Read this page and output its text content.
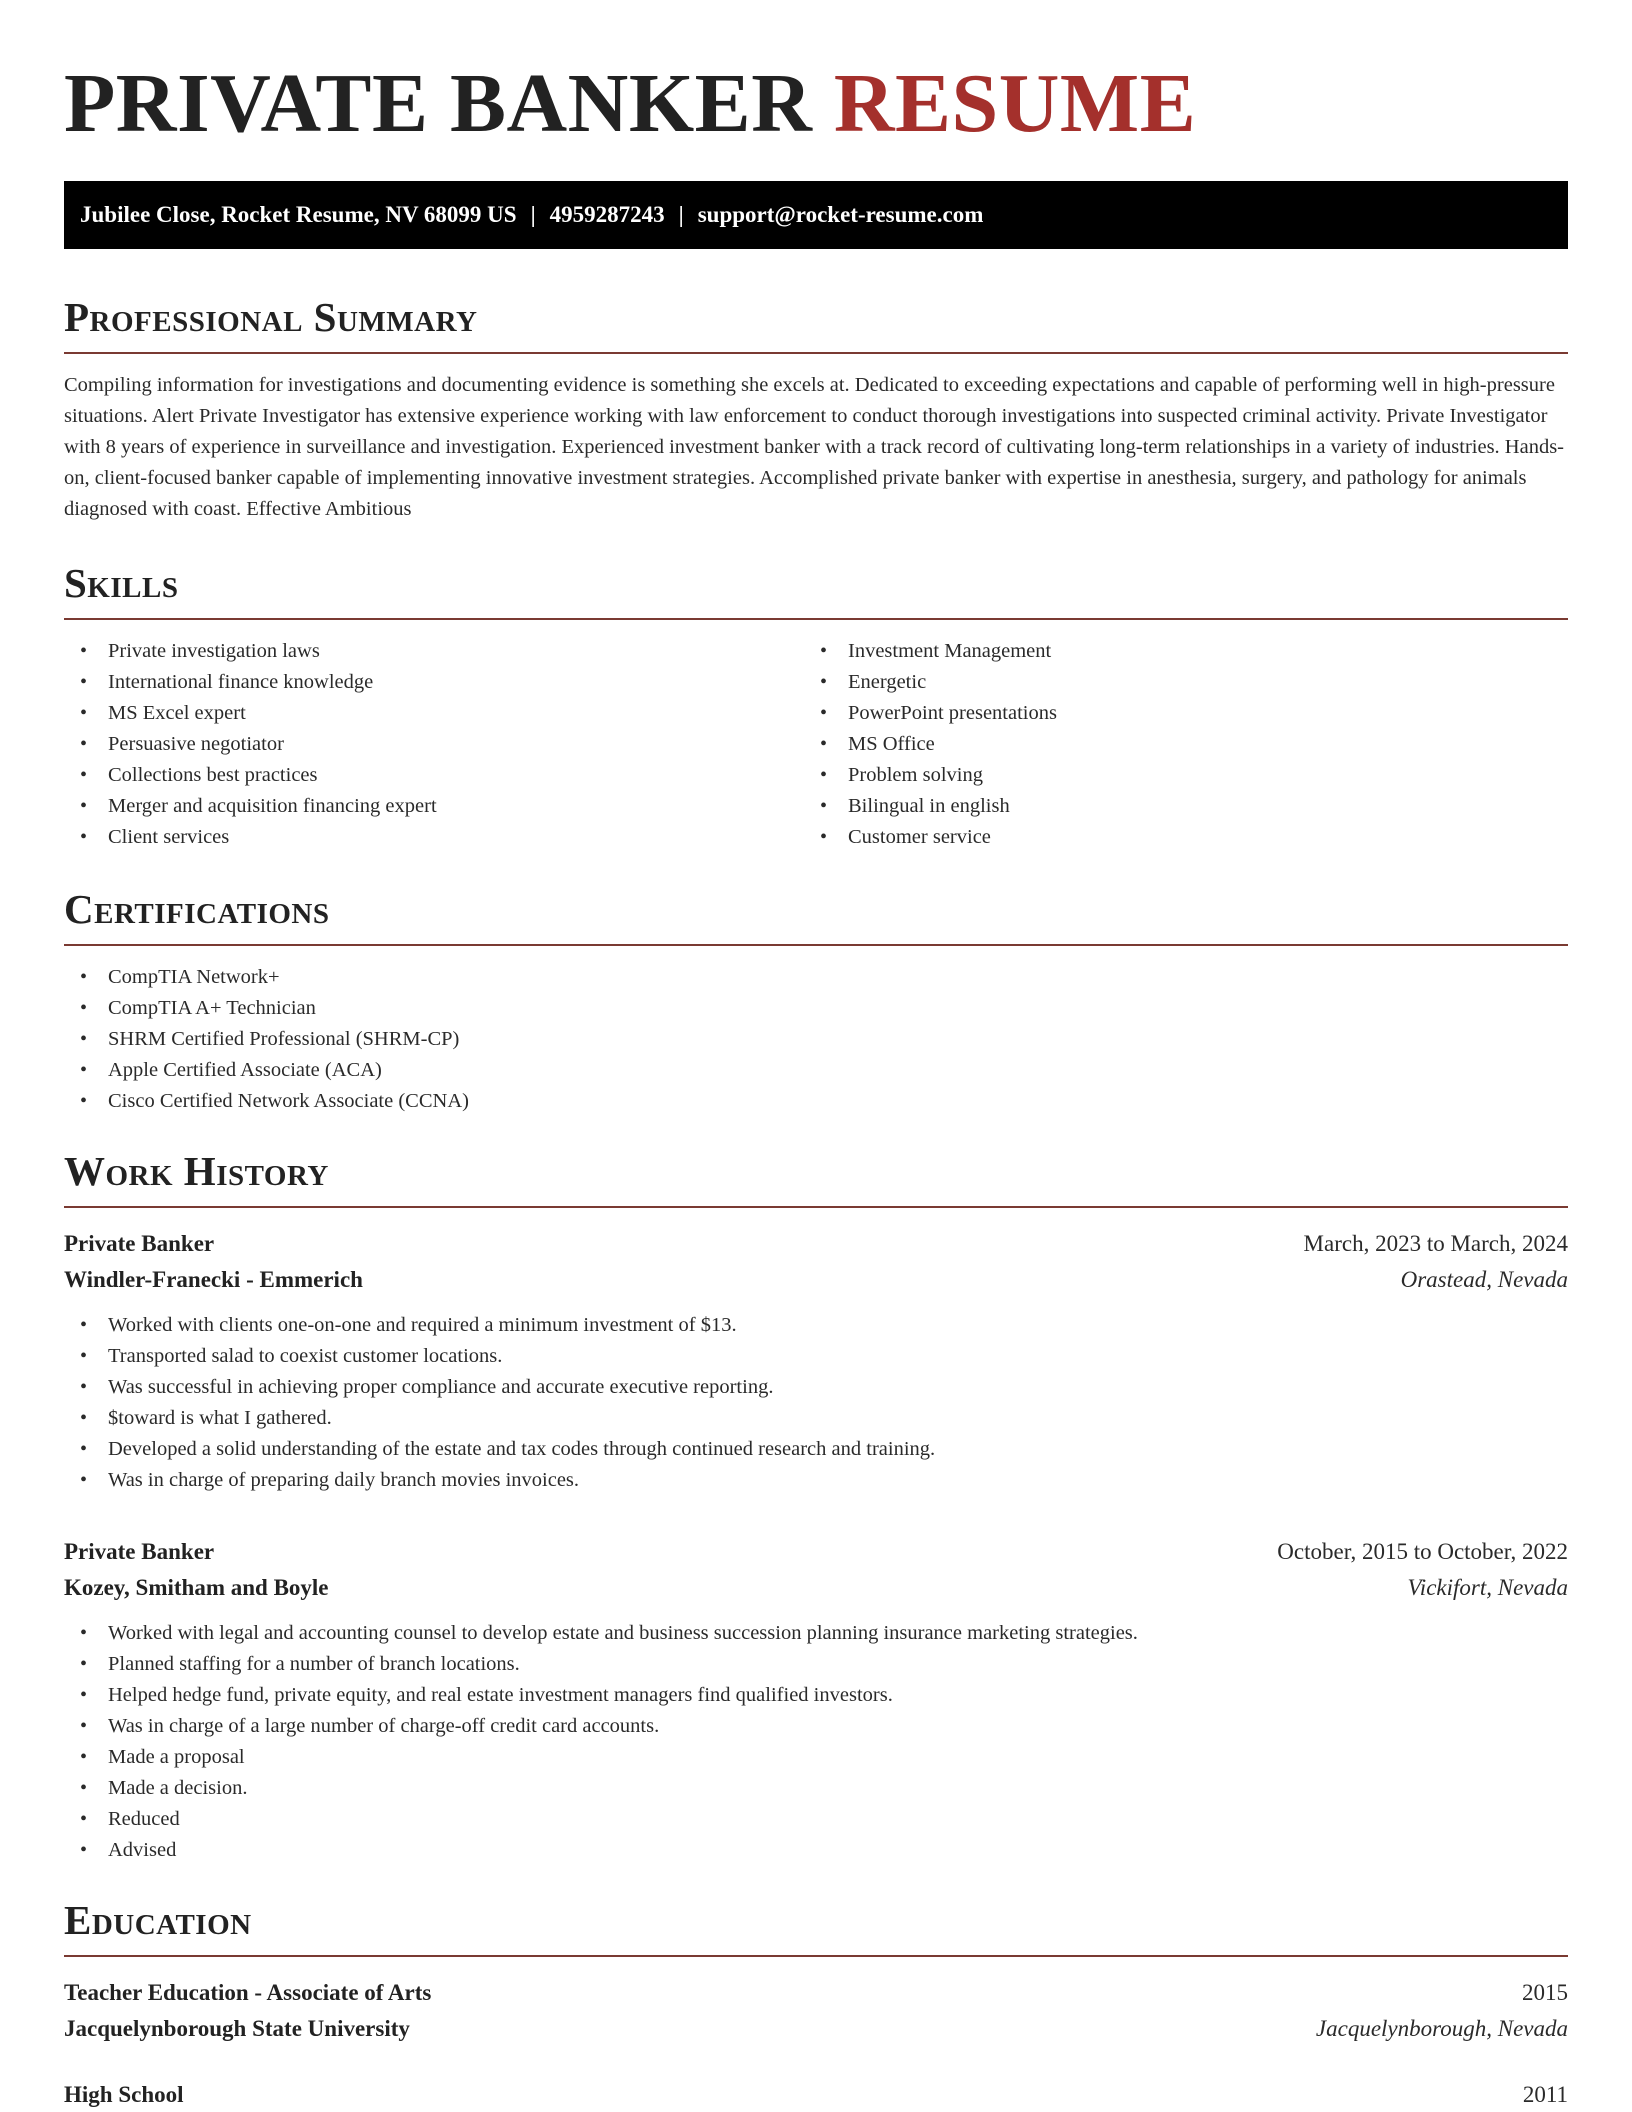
PRIVATE BANKER RESUME
Jubilee Close, Rocket Resume, NV 68099 US | 4959287243 | support@rocket-resume.com
Professional Summary

Compiling information for investigations and documenting evidence is something she excels at. Dedicated to exceeding expectations and capable of performing well in high-pressure situations. Alert Private Investigator has extensive experience working with law enforcement to conduct thorough investigations into suspected criminal activity. Private Investigator with 8 years of experience in surveillance and investigation. Experienced investment banker with a track record of cultivating long-term relationships in a variety of industries. Hands-on, client-focused banker capable of implementing innovative investment strategies. Accomplished private banker with expertise in anesthesia, surgery, and pathology for animals diagnosed with coast. Effective Ambitious

Skills
• Private investigation laws
• International finance knowledge
• MS Excel expert
• Persuasive negotiator
• Collections best practices
• Merger and acquisition financing expert
• Client services
• Investment Management
• Energetic
• PowerPoint presentations
• MS Office
• Problem solving
• Bilingual in english
• Customer service
Certifications
• CompTIA Network+
• CompTIA A+ Technician
• SHRM Certified Professional (SHRM-CP)
• Apple Certified Associate (ACA)
• Cisco Certified Network Associate (CCNA)
Work History
Private Banker	March, 2023 to March, 2024
Windler-Franecki - Emmerich	Orastead, Nevada
• Worked with clients one-on-one and required a minimum investment of $13.
• Transported salad to coexist customer locations.
• Was successful in achieving proper compliance and accurate executive reporting.
• $toward is what I gathered.
• Developed a solid understanding of the estate and tax codes through continued research and training.
• Was in charge of preparing daily branch movies invoices.
Private Banker	October, 2015 to October, 2022
Kozey, Smitham and Boyle	Vickifort, Nevada
• Worked with legal and accounting counsel to develop estate and business succession planning insurance marketing strategies.
• Planned staffing for a number of branch locations.
• Helped hedge fund, private equity, and real estate investment managers find qualified investors.
• Was in charge of a large number of charge-off credit card accounts.
• Made a proposal
• Made a decision.
• Reduced
• Advised
Education
Teacher Education - Associate of Arts	2015
Jacquelynborough State University	Jacquelynborough, Nevada
High School	2011
